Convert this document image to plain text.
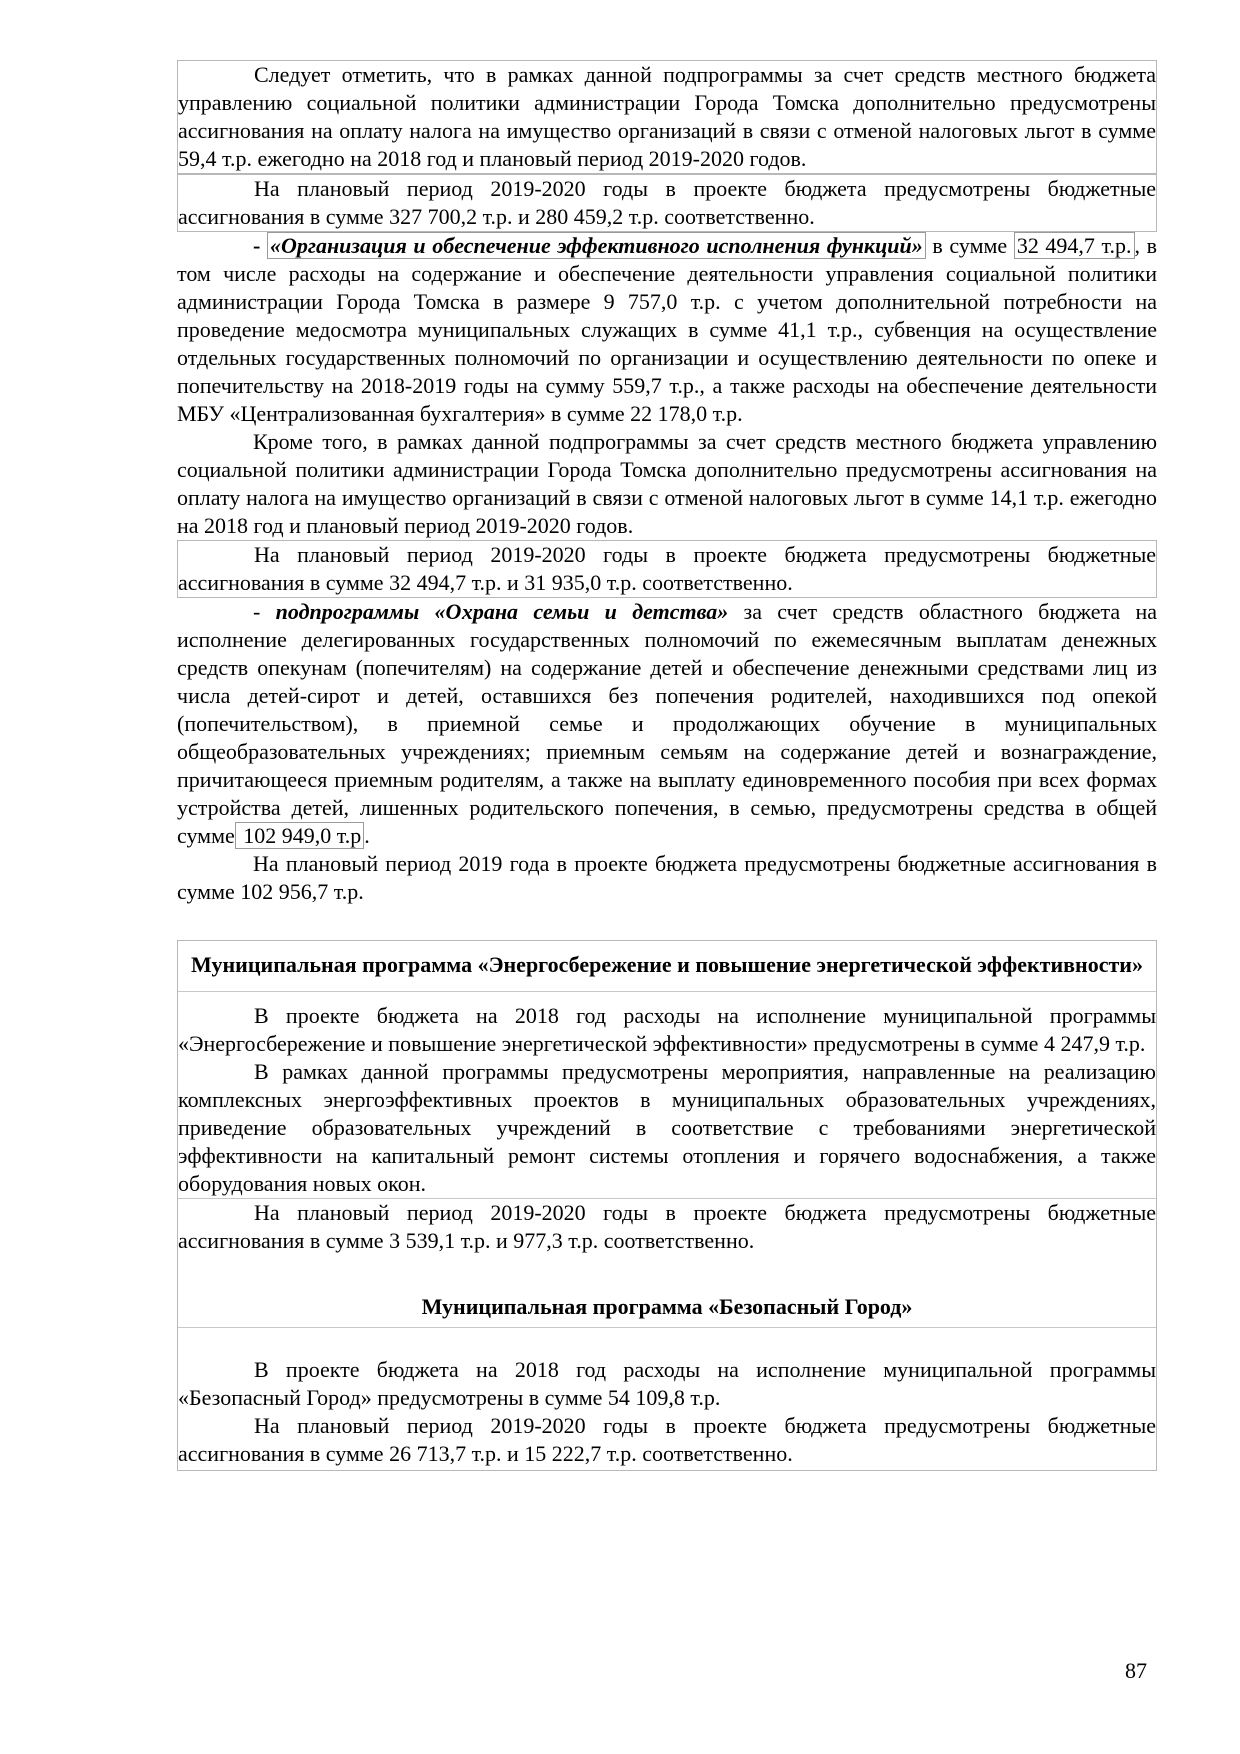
Следует отметить, что в рамках данной подпрограммы за счет средств местного бюджета управлению социальной политики администрации Города Томска дополнительно предусмотрены ассигнования на оплату налога на имущество организаций в связи с отменой налоговых льгот в сумме 59,4 т.р. ежегодно на 2018 год и плановый период 2019-2020 годов.

На плановый период 2019-2020 годы в проекте бюджета предусмотрены бюджетные ассигнования в сумме 327 700,2 т.р. и 280 459,2 т.р. соответственно.

- «Организация и обеспечение эффективного исполнения функций» в сумме 32 494,7 т.р. , в том числе расходы на содержание и обеспечение деятельности управления социальной политики администрации Города Томска в размере 9 757,0 т.р. с учетом дополнительной потребности на проведение медосмотра муниципальных служащих в сумме 41,1 т.р., субвенция на осуществление отдельных государственных полномочий по организации и осуществлению деятельности по опеке и попечительству на 2018-2019 годы на сумму 559,7 т.р., а также расходы на обеспечение деятельности МБУ «Централизованная бухгалтерия» в сумме 22 178,0 т.р.

Кроме того, в рамках данной подпрограммы за счет средств местного бюджета управлению социальной политики администрации Города Томска дополнительно предусмотрены ассигнования на оплату налога на имущество организаций в связи с отменой налоговых льгот в сумме 14,1 т.р. ежегодно на 2018 год и плановый период 2019-2020 годов.

На плановый период 2019-2020 годы в проекте бюджета предусмотрены бюджетные ассигнования в сумме 32 494,7 т.р. и 31 935,0 т.р. соответственно.

- подпрограммы «Охрана семьи и детства» за счет средств областного бюджета на исполнение делегированных государственных полномочий по ежемесячным выплатам денежных средств опекунам (попечителям) на содержание детей и обеспечение денежными средствами лиц из числа детей-сирот и детей, оставшихся без попечения родителей, находившихся под опекой (попечительством), в приемной семье и продолжающих обучение в муниципальных общеобразовательных учреждениях; приемным семьям на содержание детей и вознаграждение, причитающееся приемным родителям, а также на выплату единовременного пособия при всех формах устройства детей, лишенных родительского попечения, в семью, предусмотрены средства в общей сумме 102 949,0 т.р .

На плановый период 2019 года в проекте бюджета предусмотрены бюджетные ассигнования в сумме 102 956,7 т.р.

Муниципальная программа «Энергосбережение и повышение энергетической эффективности»

В проекте бюджета на 2018 год расходы на исполнение муниципальной программы «Энергосбережение и повышение энергетической эффективности» предусмотрены в сумме 4 247,9 т.р.

В рамках данной программы предусмотрены мероприятия, направленные на реализацию комплексных энергоэффективных проектов в муниципальных образовательных учреждениях, приведение образовательных учреждений в соответствие с требованиями энергетической эффективности на капитальный ремонт системы отопления и горячего водоснабжения, а также оборудования новых окон.

На плановый период 2019-2020 годы в проекте бюджета предусмотрены бюджетные ассигнования в сумме 3 539,1 т.р. и 977,3 т.р. соответственно.

Муниципальная программа «Безопасный Город»

В проекте бюджета на 2018 год расходы на исполнение муниципальной программы «Безопасный Город» предусмотрены в сумме 54 109,8 т.р.

На плановый период 2019-2020 годы в проекте бюджета предусмотрены бюджетные ассигнования в сумме 26 713,7 т.р. и 15 222,7 т.р. соответственно.

87
